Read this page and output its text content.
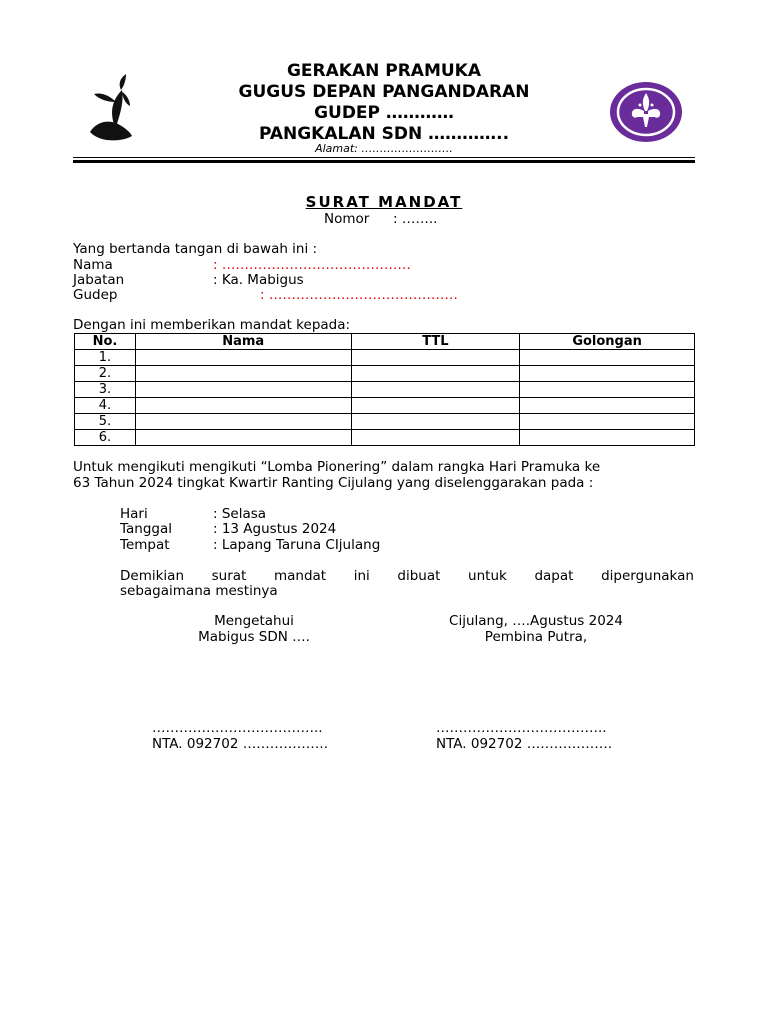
GERAKAN PRAMUKA
GUGUS DEPAN PANGANDARAN
GUDEP …………
PANGKALAN SDN …………..
Alamat: …………………….
SURAT MANDAT
Nomor : ……..
Yang bertanda tangan di bawah ini :
Nama	: ……………………………………
Jabatan	: Ka. Mabigus
Gudep	: ……………………………………
Dengan ini memberikan mandat kepada:
No.	Nama	TTL	Golongan
1.			
2.			
3.			
4.			
5.			
6.			
Untuk mengikuti mengikuti “Lomba Pionering” dalam rangka Hari Pramuka ke
63 Tahun 2024 tingkat Kwartir Ranting Cijulang yang diselenggarakan pada :
Hari	: Selasa
Tanggal	: 13 Agustus 2024
Tempat	: Lapang Taruna CIjulang
Demikian surat mandat ini dibuat untuk dapat dipergunakan
sebagaimana mestinya
Mengetahui
Mabigus SDN ….
Cijulang, ….Agustus 2024
Pembina Putra,
………………………………..
NTA. 092702 ……………….
………………………………..
NTA. 092702 ……………….
